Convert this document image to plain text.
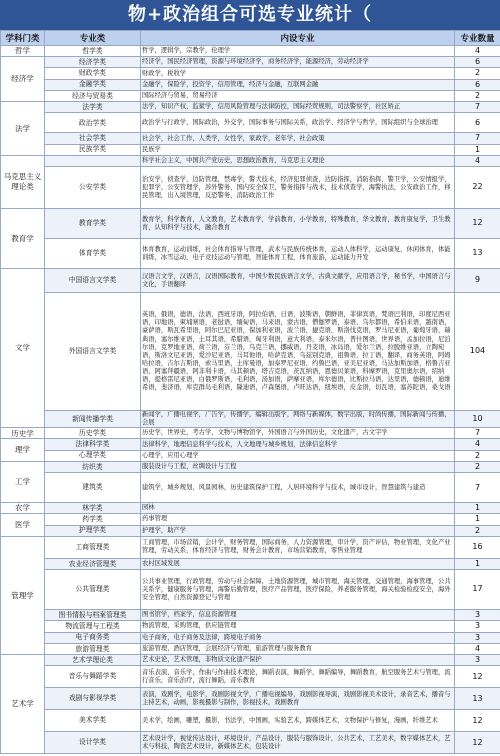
物+政治组合可选专业统计（
学科门类	专业类	内设专业	专业数量
哲学	哲学类	哲学，逻辑学，宗教学，伦理学	4
经济学	经济学类	经济学，国民经济管理，资源与环境经济学，商务经济学，能源经济，劳动经济学	6
	财政学类	财政学，税收学	2
	金融学类	金融学，保险学，投资学，信用管理，经济与金融，互联网金融	6
	经济与贸易类	国际经济与贸易，贸易经济	2
法学	法学类	法学，知识产权，监狱学，信用风险管理与法律防控，国际经贸规则，司法警察学，社区矫正	7
	政治学类	政治学与行政学，国际政治，外交学，国际事务与国际关系，政治学、经济学与哲学，国际组织与全球治理	6
	社会学类	社会学，社会工作，人类学，女性学，家政学，老年学，社会政策	7
	民族学类	民族学	1
马克思主义理论类		科学社会主义，中国共产党历史，思想政治教育，马克思主义理论	4
	公安学类	治安学，侦查学，边防管理，禁毒学，警犬技术，经济犯罪侦查，边防指挥，消防指挥，警卫学，公安情报学，犯罪学，公安管理学，涉外警务，国内安全保卫，警务指挥与战术，技术侦查学，海警执法，公安政治工作，移民管理，出入境管理，反恐警务，消防政治工作	22
教育学	教育学类	教育学，科学教育，人文教育，艺术教育学，学前教育，小学教育，特殊教育，华文教育，教育康复学，卫生教育，认知科学与技术，融合教育	12
	体育学类	体育教育，运动训练，社会体育指导与管理，武术与民族传统体育，运动人体科学，运动康复，休闲体育，体能训练，冰雪运动，电子竞技运动与管理，智能体育工程，体育旅游，运动能力开发	13
文学	中国语言文学类	汉语言文学，汉语言，汉语国际教育，中国少数民族语言文学，古典文献学，应用语言学，秘书学，中国语言与文化，手语翻译	9
	外国语言文学类	英语，俄语，德语，法语，西班牙语，阿拉伯语，日语，波斯语，朝鲜语，菲律宾语，梵语巴利语，印度尼西亚语，印地语，柬埔寨语，老挝语，缅甸语，马来语，蒙古语，僧伽罗语，泰语，乌尔都语，希伯来语，越南语，豪萨语，斯瓦希里语，阿尔巴尼亚语，保加利亚语，波兰语，捷克语，斯洛伐克语，罗马尼亚语，葡萄牙语，瑞典语，塞尔维亚语，土耳其语，希腊语，匈牙利语，意大利语，泰米尔语，普什图语，世界语，孟加拉语，尼泊尔语，克罗地亚语，荷兰语，芬兰语，乌克兰语，挪威语，丹麦语，冰岛语，爱尔兰语，拉脱维亚语，立陶宛语，斯洛文尼亚语，爱沙尼亚语，马耳他语，哈萨克语，乌兹别克语，祖鲁语，拉丁语，翻译，商务英语，阿姆哈拉语，吉尔吉斯语，索马里语，土库曼语，加泰罗尼亚语，约鲁巴语，亚美尼亚语，马达加斯加语，格鲁吉亚语，阿塞拜疆语，阿非利卡语，马其顿语，塔吉克语，茨瓦纳语，恩德贝莱语，科摩罗语，克里奥尔语，绍纳语，提格雷尼亚语，白俄罗斯语，毛利语，汤加语，萨摩亚语，库尔德语，比斯拉马语，达里语，德顿语，迪维希语，斐济语，库克群岛毛利语，隆迪语，卢森堡语，卢旺达语，纽埃语，皮金语，切瓦语，塞苏陀语，桑戈语	104
	新闻传播学类	新闻学，广播电视学，广告学，传播学，编辑出版学，网络与新媒体，数字出版，时尚传播，国际新闻与传播，会展	10
历史学	历史学类	历史学，世界史，考古学，文物与博物馆学，外国语言与外国历史，文化遗产，古文字学	7
理学	法律科学类	法律科学，地理信息科学与技术，人文地理与城乡规划，法律信息科学	4
	心理学类	心理学，应用心理学	2
工学	纺织类	服装设计与工程，丝绸设计与工程	2
	建筑类	建筑学，城乡规划，风景园林，历史建筑保护工程，人居环境科学与技术，城市设计，智慧建筑与建造	7
农学	林学类	园林	1
医学	药学类	药事管理	1
	护理学类	护理学，助产学	2
管理学	工商管理类	工商管理，市场营销，会计学，财务管理，国际商务，人力资源管理，审计学，资产评估，物业管理，文化产业管理，劳动关系，体育经济与管理，财务会计教育，市场营销教育，零售业管理	16
	农业经济管理类	农村区域发展	1
	公共管理类	公共事业管理，行政管理，劳动与社会保障，土地资源管理，城市管理，海关管理，交通管理，海事管理，公共关系学，健康服务与管理，海警后勤管理，医疗产品管理，医疗保险，养老服务管理，海关检验检疫安全，海外安全管理，自然资源登记与管理	17
	图书情报与档案管理类	图书馆学，档案学，信息资源管理	3
	物流管理与工程类	物流管理，采购管理，供应链管理	3
	电子商务类	电子商务，电子商务及法律，跨境电子商务	3
	旅游管理类	旅游管理，酒店管理，会展经济与管理，旅游管理与服务教育	4
艺术学	艺术学理论类	艺术史论，艺术管理，非物质文化遗产保护	3
	音乐与舞蹈学类	音乐表演，音乐学，作曲与作曲技术理论，舞蹈表演，舞蹈学，舞蹈编导，舞蹈教育，航空服务艺术与管理，流行音乐，音乐治疗，流行舞蹈，音乐教育	12
	戏剧与影视学类	表演，戏剧学，电影学，戏剧影视文学，广播电视编导，戏剧影视导演，戏剧影视美术设计，录音艺术，播音与主持艺术，动画，影视摄影与制作，影视技术，戏剧教育	13
	美术学类	美术学，绘画，雕塑，摄影，书法学，中国画，实验艺术，跨媒体艺术，文物保护与修复，漫画，纤维艺术	12
	设计学类	艺术设计学，视觉传达设计，环境设计，产品设计，服装与服饰设计，公共艺术，工艺美术，数字媒体艺术，艺术与科技，陶瓷艺术设计，新媒体艺术，包装设计	12
